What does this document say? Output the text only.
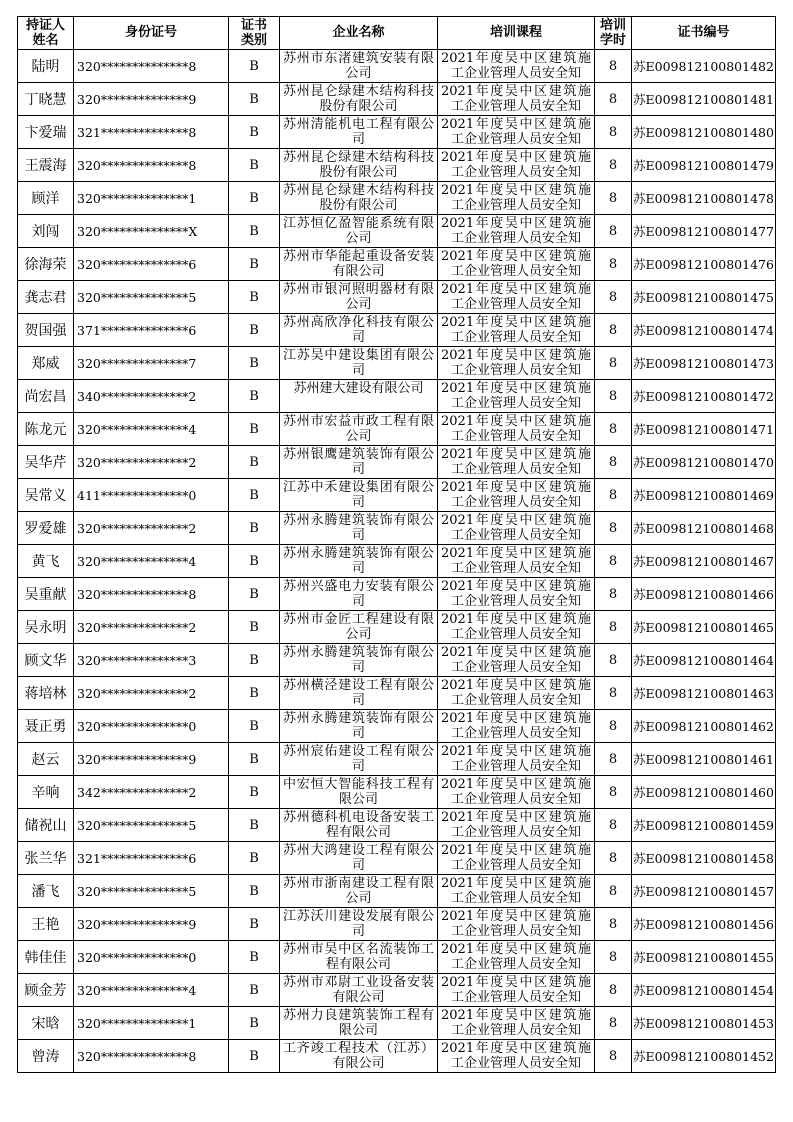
持证人姓名	身份证号	证书类别	企业名称	培训课程	培训学时	证书编号
陆明	320**************8	B	苏州市东渚建筑安装有限公司	2021年度吴中区建筑施工企业管理人员安全知	8	苏E009812100801482
丁晓慧	320**************9	B	苏州昆仑绿建木结构科技股份有限公司	2021年度吴中区建筑施工企业管理人员安全知	8	苏E009812100801481
卞爱瑞	321**************8	B	苏州清能机电工程有限公司	2021年度吴中区建筑施工企业管理人员安全知	8	苏E009812100801480
王震海	320**************8	B	苏州昆仑绿建木结构科技股份有限公司	2021年度吴中区建筑施工企业管理人员安全知	8	苏E009812100801479
顾洋	320**************1	B	苏州昆仑绿建木结构科技股份有限公司	2021年度吴中区建筑施工企业管理人员安全知	8	苏E009812100801478
刘闯	320**************X	B	江苏恒亿盈智能系统有限公司	2021年度吴中区建筑施工企业管理人员安全知	8	苏E009812100801477
徐海荣	320**************6	B	苏州市华能起重设备安装有限公司	2021年度吴中区建筑施工企业管理人员安全知	8	苏E009812100801476
龚志君	320**************5	B	苏州市银河照明器材有限公司	2021年度吴中区建筑施工企业管理人员安全知	8	苏E009812100801475
贺国强	371**************6	B	苏州高欣净化科技有限公司	2021年度吴中区建筑施工企业管理人员安全知	8	苏E009812100801474
郑威	320**************7	B	江苏吴中建设集团有限公司	2021年度吴中区建筑施工企业管理人员安全知	8	苏E009812100801473
尚宏昌	340**************2	B	苏州建大建设有限公司	2021年度吴中区建筑施工企业管理人员安全知	8	苏E009812100801472
陈龙元	320**************4	B	苏州市宏益市政工程有限公司	2021年度吴中区建筑施工企业管理人员安全知	8	苏E009812100801471
吴华芹	320**************2	B	苏州银鹰建筑装饰有限公司	2021年度吴中区建筑施工企业管理人员安全知	8	苏E009812100801470
吴常义	411**************0	B	江苏中禾建设集团有限公司	2021年度吴中区建筑施工企业管理人员安全知	8	苏E009812100801469
罗爱雄	320**************2	B	苏州永腾建筑装饰有限公司	2021年度吴中区建筑施工企业管理人员安全知	8	苏E009812100801468
黄飞	320**************4	B	苏州永腾建筑装饰有限公司	2021年度吴中区建筑施工企业管理人员安全知	8	苏E009812100801467
吴重献	320**************8	B	苏州兴盛电力安装有限公司	2021年度吴中区建筑施工企业管理人员安全知	8	苏E009812100801466
吴永明	320**************2	B	苏州市金匠工程建设有限公司	2021年度吴中区建筑施工企业管理人员安全知	8	苏E009812100801465
顾文华	320**************3	B	苏州永腾建筑装饰有限公司	2021年度吴中区建筑施工企业管理人员安全知	8	苏E009812100801464
蒋培林	320**************2	B	苏州横泾建设工程有限公司	2021年度吴中区建筑施工企业管理人员安全知	8	苏E009812100801463
聂正勇	320**************0	B	苏州永腾建筑装饰有限公司	2021年度吴中区建筑施工企业管理人员安全知	8	苏E009812100801462
赵云	320**************9	B	苏州宸佑建设工程有限公司	2021年度吴中区建筑施工企业管理人员安全知	8	苏E009812100801461
辛响	342**************2	B	中宏恒大智能科技工程有限公司	2021年度吴中区建筑施工企业管理人员安全知	8	苏E009812100801460
储祝山	320**************5	B	苏州德科机电设备安装工程有限公司	2021年度吴中区建筑施工企业管理人员安全知	8	苏E009812100801459
张兰华	321**************6	B	苏州大鸿建设工程有限公司	2021年度吴中区建筑施工企业管理人员安全知	8	苏E009812100801458
潘飞	320**************5	B	苏州市浙南建设工程有限公司	2021年度吴中区建筑施工企业管理人员安全知	8	苏E009812100801457
王艳	320**************9	B	江苏沃川建设发展有限公司	2021年度吴中区建筑施工企业管理人员安全知	8	苏E009812100801456
韩佳佳	320**************0	B	苏州市吴中区名流装饰工程有限公司	2021年度吴中区建筑施工企业管理人员安全知	8	苏E009812100801455
顾金芳	320**************4	B	苏州市邓尉工业设备安装有限公司	2021年度吴中区建筑施工企业管理人员安全知	8	苏E009812100801454
宋晗	320**************1	B	苏州力良建筑装饰工程有限公司	2021年度吴中区建筑施工企业管理人员安全知	8	苏E009812100801453
曾涛	320**************8	B	工齐竣工程技术（江苏）有限公司	2021年度吴中区建筑施工企业管理人员安全知	8	苏E009812100801452
